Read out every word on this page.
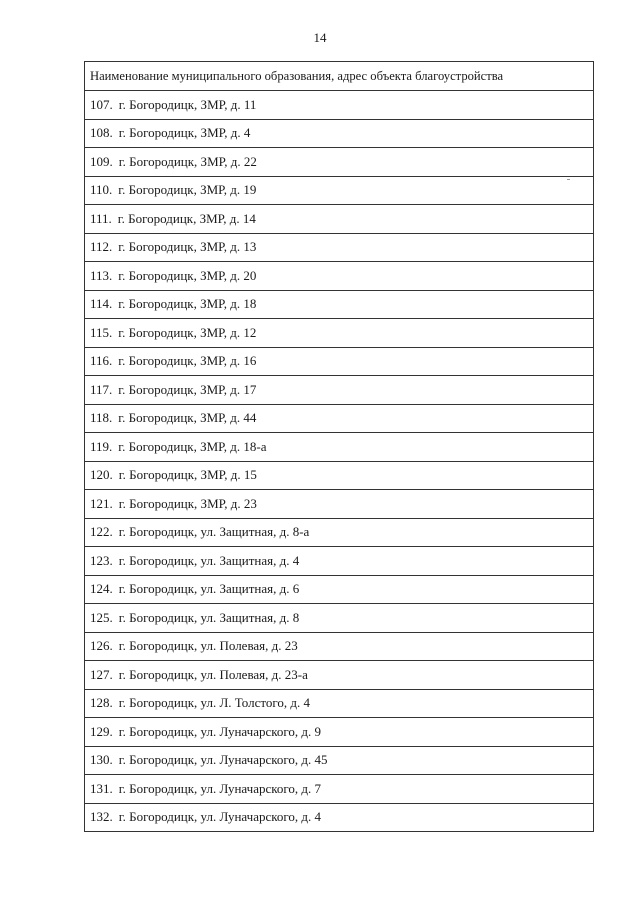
14
Наименование муниципального образования, адрес объекта благоустройства
107. г. Богородицк, ЗМР, д. 11
108. г. Богородицк, ЗМР, д. 4
109. г. Богородицк, ЗМР, д. 22
110. г. Богородицк, ЗМР, д. 19
111. г. Богородицк, ЗМР, д. 14
112. г. Богородицк, ЗМР, д. 13
113. г. Богородицк, ЗМР, д. 20
114. г. Богородицк, ЗМР, д. 18
115. г. Богородицк, ЗМР, д. 12
116. г. Богородицк, ЗМР, д. 16
117. г. Богородицк, ЗМР, д. 17
118. г. Богородицк, ЗМР, д. 44
119. г. Богородицк, ЗМР, д. 18-а
120. г. Богородицк, ЗМР, д. 15
121. г. Богородицк, ЗМР, д. 23
122. г. Богородицк, ул. Защитная, д. 8-а
123. г. Богородицк, ул. Защитная, д. 4
124. г. Богородицк, ул. Защитная, д. 6
125. г. Богородицк, ул. Защитная, д. 8
126. г. Богородицк, ул. Полевая, д. 23
127. г. Богородицк, ул. Полевая, д. 23-а
128. г. Богородицк, ул. Л. Толстого, д. 4
129. г. Богородицк, ул. Луначарского, д. 9
130. г. Богородицк, ул. Луначарского, д. 45
131. г. Богородицк, ул. Луначарского, д. 7
132. г. Богородицк, ул. Луначарского, д. 4
